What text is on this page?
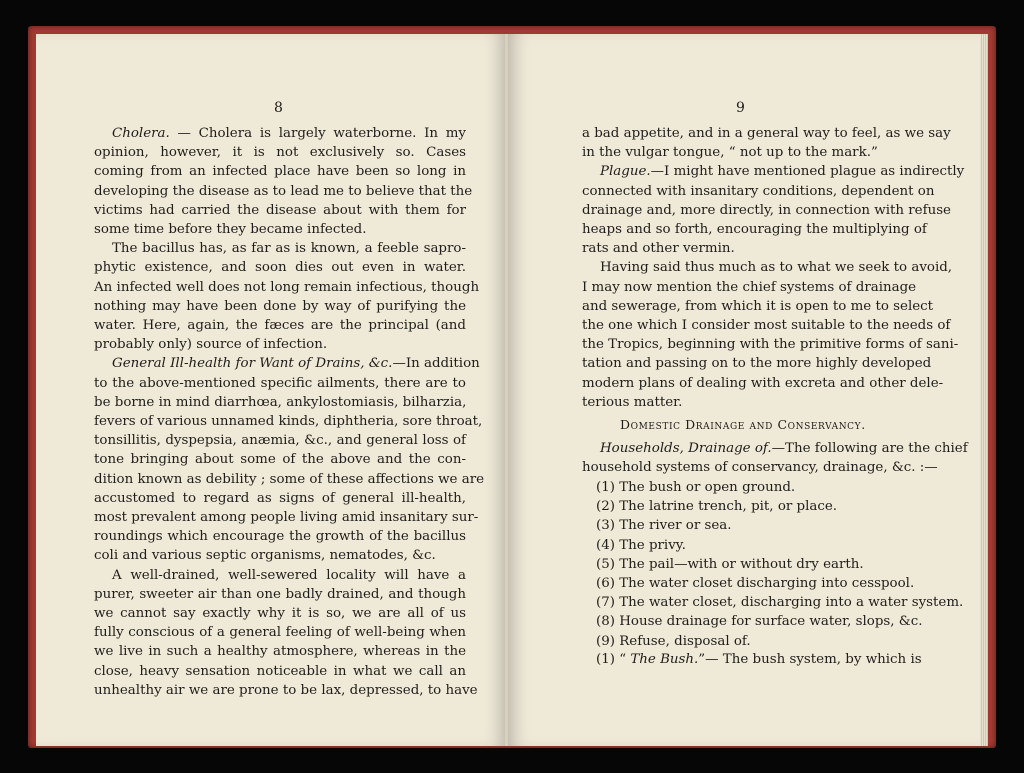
8
Cholera. — Cholera is largely waterborne. In my
opinion, however, it is not exclusively so. Cases
coming from an infected place have been so long in
developing the disease as to lead me to believe that the
victims had carried the disease about with them for
some time before they became infected.
The bacillus has, as far as is known, a feeble sapro-
phytic existence, and soon dies out even in water.
An infected well does not long remain infectious, though
nothing may have been done by way of purifying the
water. Here, again, the fæces are the principal (and
probably only) source of infection.
General Ill-health for Want of Drains, &c.—In addition
to the above-mentioned specific ailments, there are to
be borne in mind diarrhœa, ankylostomiasis, bilharzia,
fevers of various unnamed kinds, diphtheria, sore throat,
tonsillitis, dyspepsia, anæmia, &c., and general loss of
tone bringing about some of the above and the con-
dition known as debility ; some of these affections we are
accustomed to regard as signs of general ill-health,
most prevalent among people living amid insanitary sur-
roundings which encourage the growth of the bacillus
coli and various septic organisms, nematodes, &c.
A well-drained, well-sewered locality will have a
purer, sweeter air than one badly drained, and though
we cannot say exactly why it is so, we are all of us
fully conscious of a general feeling of well-being when
we live in such a healthy atmosphere, whereas in the
close, heavy sensation noticeable in what we call an
unhealthy air we are prone to be lax, depressed, to have
9
a bad appetite, and in a general way to feel, as we say
in the vulgar tongue, “ not up to the mark.”
Plague.—I might have mentioned plague as indirectly
connected with insanitary conditions, dependent on
drainage and, more directly, in connection with refuse
heaps and so forth, encouraging the multiplying of
rats and other vermin.
Having said thus much as to what we seek to avoid,
I may now mention the chief systems of drainage
and sewerage, from which it is open to me to select
the one which I consider most suitable to the needs of
the Tropics, beginning with the primitive forms of sani-
tation and passing on to the more highly developed
modern plans of dealing with excreta and other dele-
terious matter.
Domestic Drainage and Conservancy.
Households, Drainage of.—The following are the chief
household systems of conservancy, drainage, &c. :—
(1) The bush or open ground.
(2) The latrine trench, pit, or place.
(3) The river or sea.
(4) The privy.
(5) The pail—with or without dry earth.
(6) The water closet discharging into cesspool.
(7) The water closet, discharging into a water system.
(8) House drainage for surface water, slops, &c.
(9) Refuse, disposal of.
(1) “ The Bush.”— The bush system, by which is
